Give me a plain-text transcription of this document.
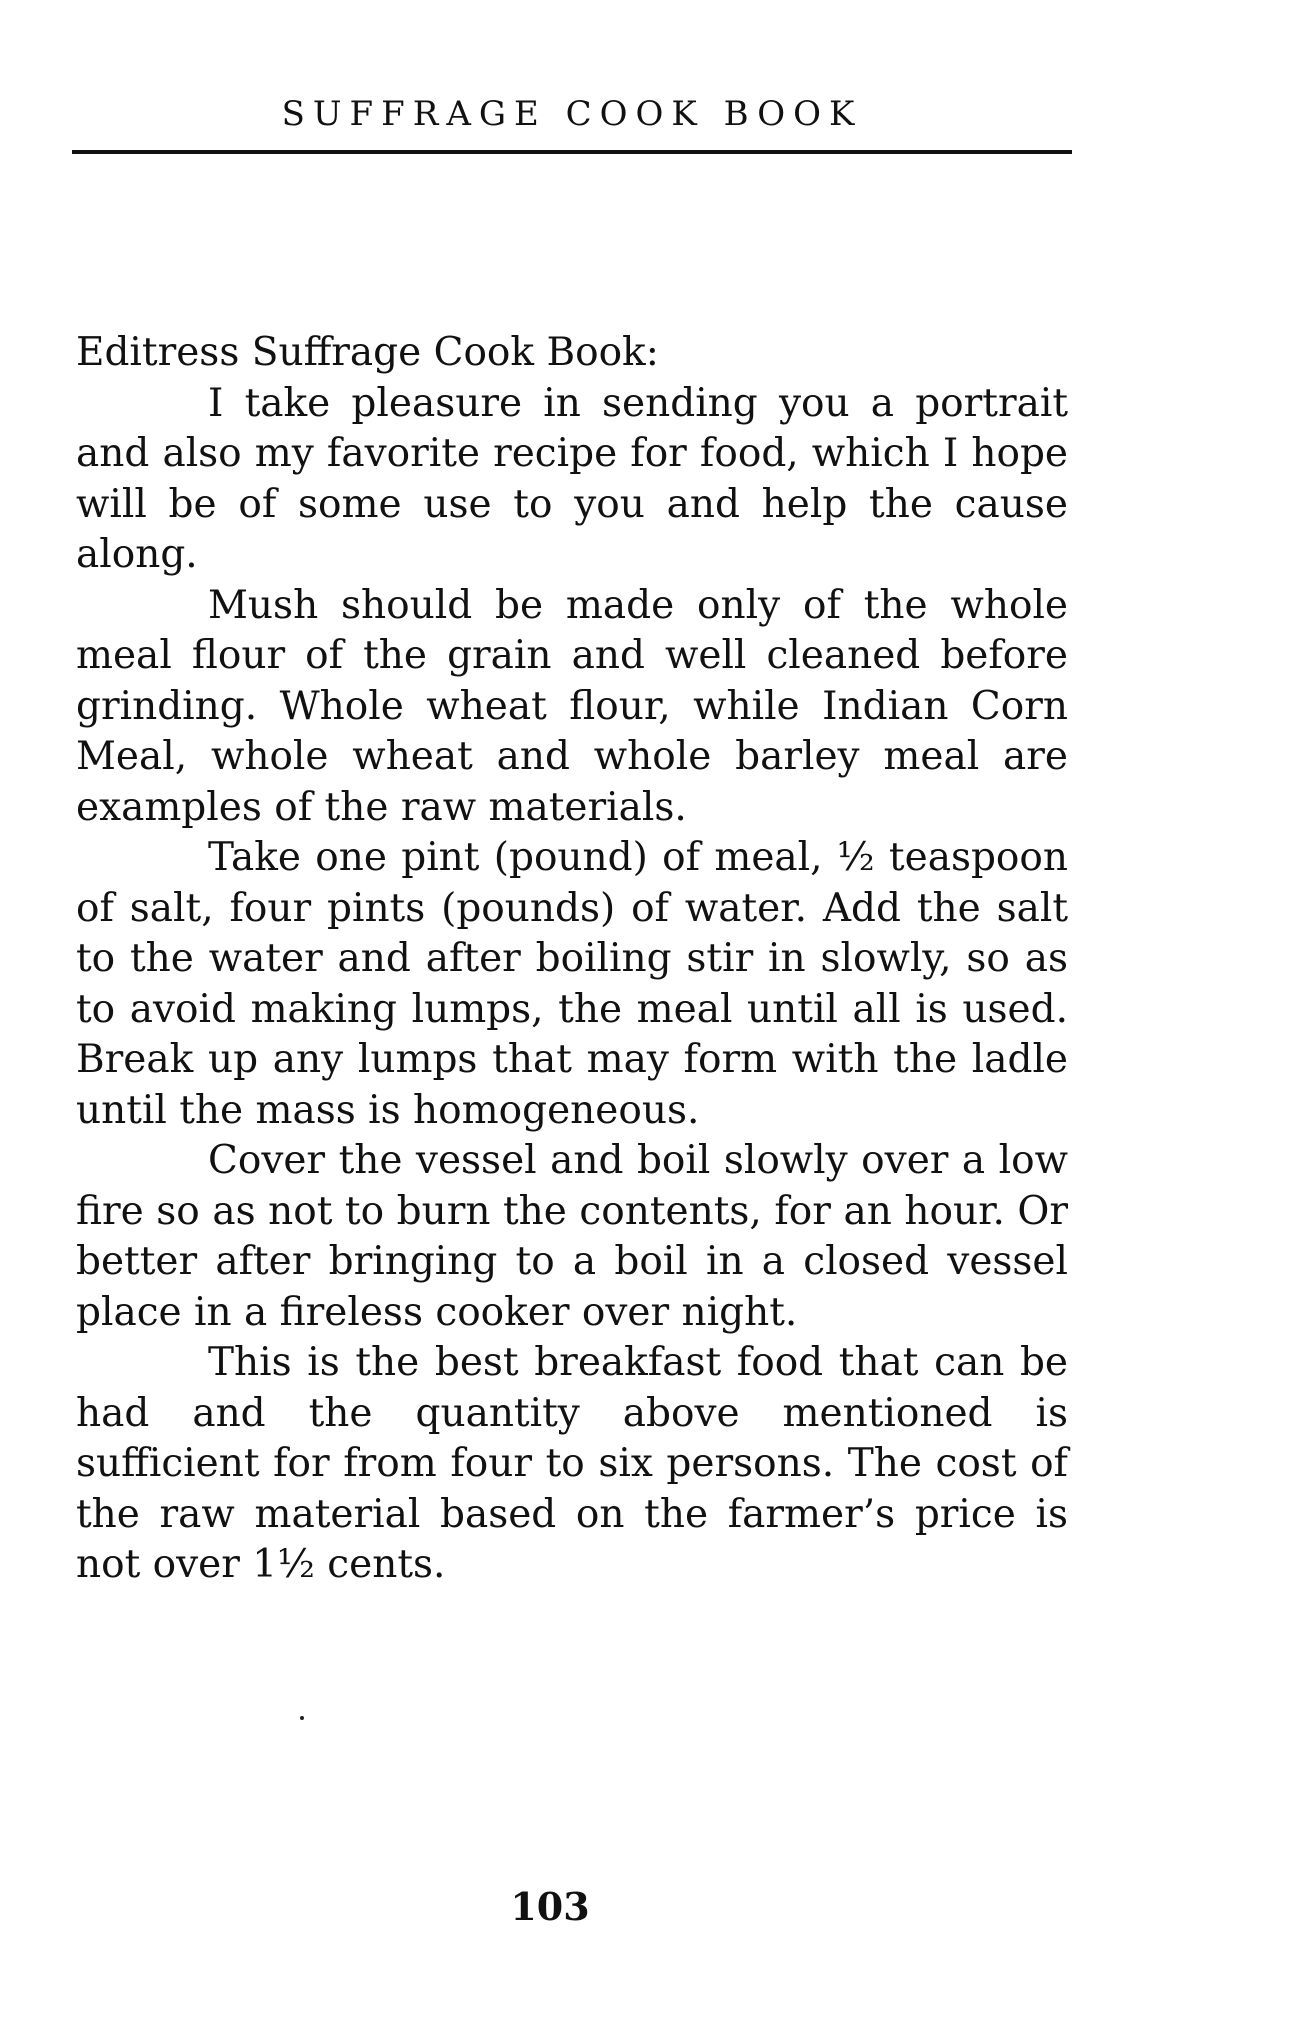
SUFFRAGE COOK BOOK

Editress Suffrage Cook Book:

I take pleasure in sending you a portrait and also my favorite recipe for food, which I hope will be of some use to you and help the cause along.

Mush should be made only of the whole meal flour of the grain and well cleaned before grinding. Whole wheat flour, while Indian Corn Meal, whole wheat and whole barley meal are examples of the raw materials.

Take one pint (pound) of meal, ½ teaspoon of salt, four pints (pounds) of water. Add the salt to the water and after boiling stir in slowly, so as to avoid making lumps, the meal until all is used. Break up any lumps that may form with the ladle until the mass is homogeneous.

Cover the vessel and boil slowly over a low fire so as not to burn the contents, for an hour. Or better after bringing to a boil in a closed vessel place in a fireless cooker over night.

This is the best breakfast food that can be had and the quantity above mentioned is sufficient for from four to six persons. The cost of the raw material based on the farmer’s price is not over 1½ cents.

103
